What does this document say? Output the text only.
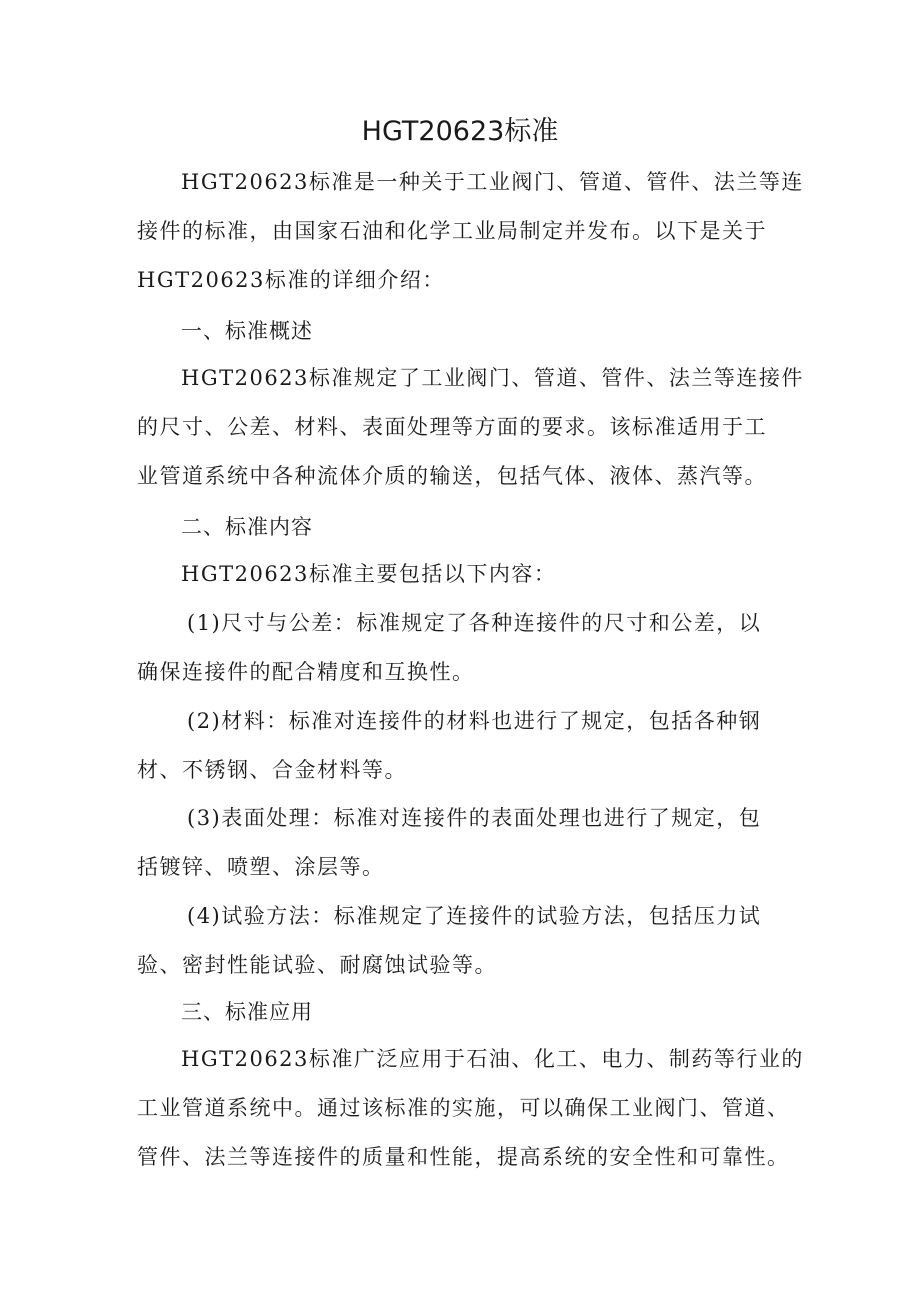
HGT20623标准
HGT20623标准是一种关于工业阀门、管道、管件、法兰等连
接件的标准，由国家石油和化学工业局制定并发布。以下是关于
HGT20623标准的详细介绍：
一、标准概述
HGT20623标准规定了工业阀门、管道、管件、法兰等连接件
的尺寸、公差、材料、表面处理等方面的要求。该标准适用于工
业管道系统中各种流体介质的输送，包括气体、液体、蒸汽等。
二、标准内容
HGT20623标准主要包括以下内容：
(1)尺寸与公差：标准规定了各种连接件的尺寸和公差，以
确保连接件的配合精度和互换性。
(2)材料：标准对连接件的材料也进行了规定，包括各种钢
材、不锈钢、合金材料等。
(3)表面处理：标准对连接件的表面处理也进行了规定，包
括镀锌、喷塑、涂层等。
(4)试验方法：标准规定了连接件的试验方法，包括压力试
验、密封性能试验、耐腐蚀试验等。
三、标准应用
HGT20623标准广泛应用于石油、化工、电力、制药等行业的
工业管道系统中。通过该标准的实施，可以确保工业阀门、管道、
管件、法兰等连接件的质量和性能，提高系统的安全性和可靠性。
